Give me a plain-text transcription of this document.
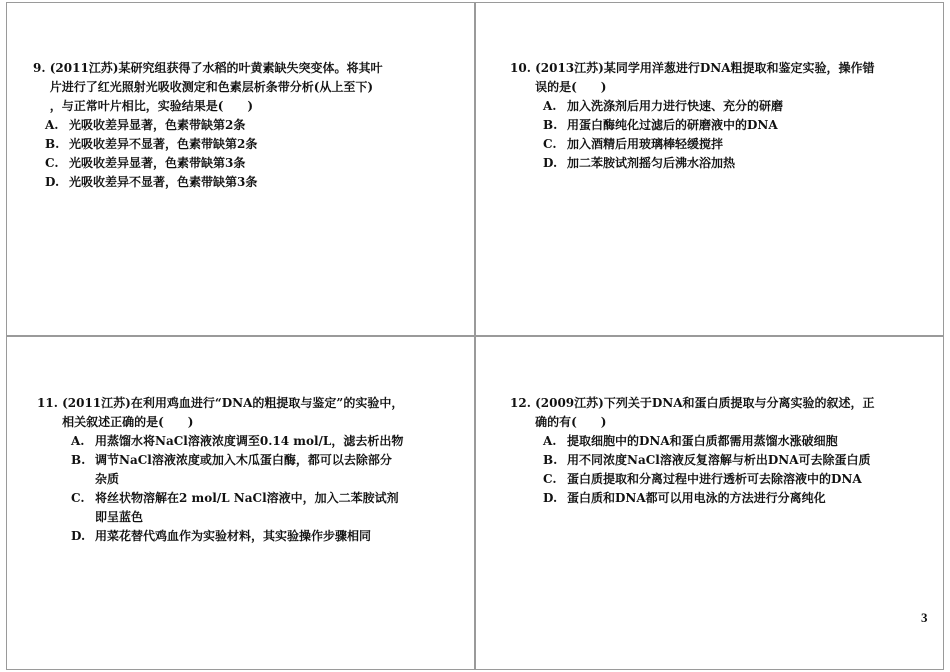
9.
(2011江苏)某研究组获得了水稻的叶黄素缺失突变体。将其叶
片进行了红光照射光吸收测定和色素层析条带分析(从上至下)
，与正常叶片相比，实验结果是(　　)
A. 光吸收差异显著，色素带缺第2条
B. 光吸收差异不显著，色素带缺第2条
C. 光吸收差异显著，色素带缺第3条
D. 光吸收差异不显著，色素带缺第3条
10.
(2013江苏)某同学用洋葱进行DNA粗提取和鉴定实验，操作错
误的是(　　)
A. 加入洗涤剂后用力进行快速、充分的研磨
B. 用蛋白酶纯化过滤后的研磨液中的DNA
C. 加入酒精后用玻璃棒轻缓搅拌
D. 加二苯胺试剂摇匀后沸水浴加热
11.
(2011江苏)在利用鸡血进行“DNA的粗提取与鉴定”的实验中，
相关叙述正确的是(　　)
A. 用蒸馏水将NaCl溶液浓度调至0.14 mol/L，滤去析出物
B. 调节NaCl溶液浓度或加入木瓜蛋白酶，都可以去除部分
杂质
C. 将丝状物溶解在2 mol/L NaCl溶液中，加入二苯胺试剂
即呈蓝色
D. 用菜花替代鸡血作为实验材料，其实验操作步骤相同
12.
(2009江苏)下列关于DNA和蛋白质提取与分离实验的叙述，正
确的有(　　)
A. 提取细胞中的DNA和蛋白质都需用蒸馏水涨破细胞
B. 用不同浓度NaCl溶液反复溶解与析出DNA可去除蛋白质
C. 蛋白质提取和分离过程中进行透析可去除溶液中的DNA
D. 蛋白质和DNA都可以用电泳的方法进行分离纯化
3
